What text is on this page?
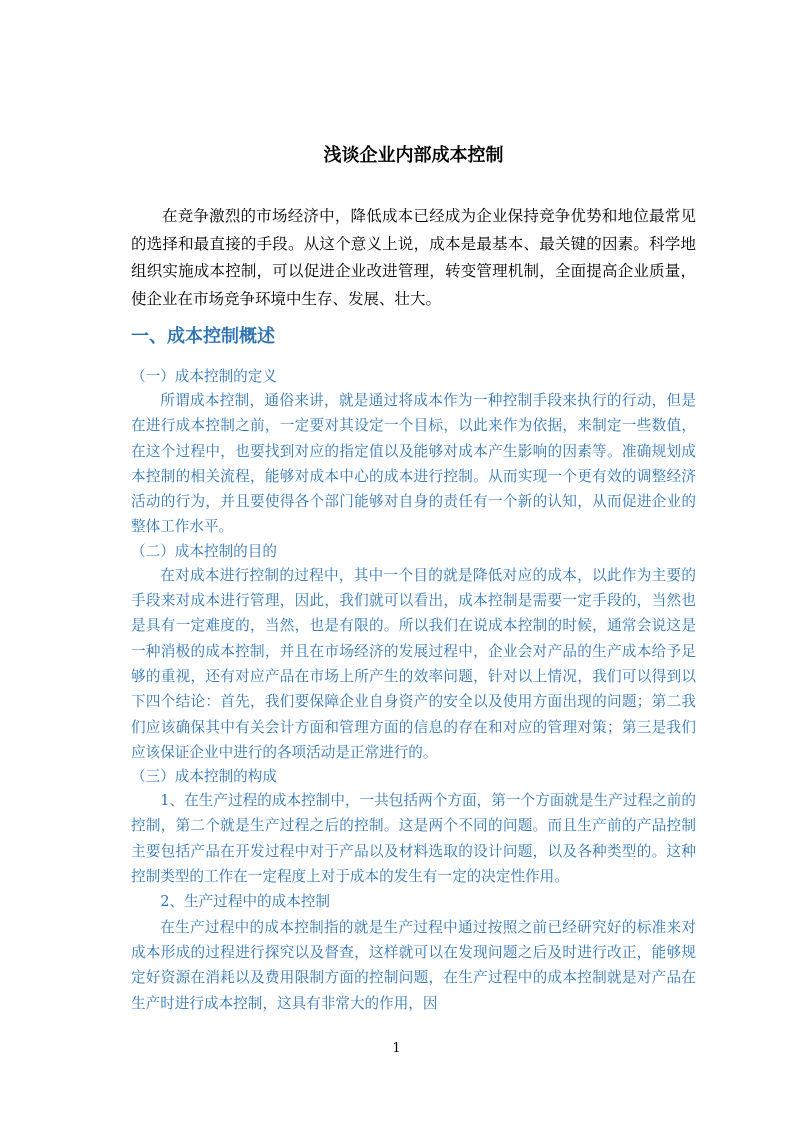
浅谈企业内部成本控制

在竞争激烈的市场经济中，降低成本已经成为企业保持竞争优势和地位最常见的选择和最直接的手段。从这个意义上说，成本是最基本、最关键的因素。科学地组织实施成本控制，可以促进企业改进管理，转变管理机制，全面提高企业质量，使企业在市场竞争环境中生存、发展、壮大。

一、成本控制概述

（一）成本控制的定义

所谓成本控制，通俗来讲，就是通过将成本作为一种控制手段来执行的行动，但是在进行成本控制之前，一定要对其设定一个目标，以此来作为依据，来制定一些数值，在这个过程中，也要找到对应的指定值以及能够对成本产生影响的因素等。准确规划成本控制的相关流程，能够对成本中心的成本进行控制。从而实现一个更有效的调整经济活动的行为，并且要使得各个部门能够对自身的责任有一个新的认知，从而促进企业的整体工作水平。

（二）成本控制的目的

在对成本进行控制的过程中，其中一个目的就是降低对应的成本，以此作为主要的手段来对成本进行管理，因此，我们就可以看出，成本控制是需要一定手段的，当然也是具有一定难度的，当然，也是有限的。所以我们在说成本控制的时候，通常会说这是一种消极的成本控制，并且在市场经济的发展过程中，企业会对产品的生产成本给予足够的重视，还有对应产品在市场上所产生的效率问题，针对以上情况，我们可以得到以下四个结论：首先，我们要保障企业自身资产的安全以及使用方面出现的问题；第二我们应该确保其中有关会计方面和管理方面的信息的存在和对应的管理对策；第三是我们应该保证企业中进行的各项活动是正常进行的。

（三）成本控制的构成

1、在生产过程的成本控制中，一共包括两个方面，第一个方面就是生产过程之前的控制，第二个就是生产过程之后的控制。这是两个不同的问题。而且生产前的产品控制主要包括产品在开发过程中对于产品以及材料选取的设计问题，以及各种类型的。这种控制类型的工作在一定程度上对于成本的发生有一定的决定性作用。

2、生产过程中的成本控制

在生产过程中的成本控制指的就是生产过程中通过按照之前已经研究好的标准来对成本形成的过程进行探究以及督查，这样就可以在发现问题之后及时进行改正，能够规定好资源在消耗以及费用限制方面的控制问题，在生产过程中的成本控制就是对产品在生产时进行成本控制，这具有非常大的作用，因

1
